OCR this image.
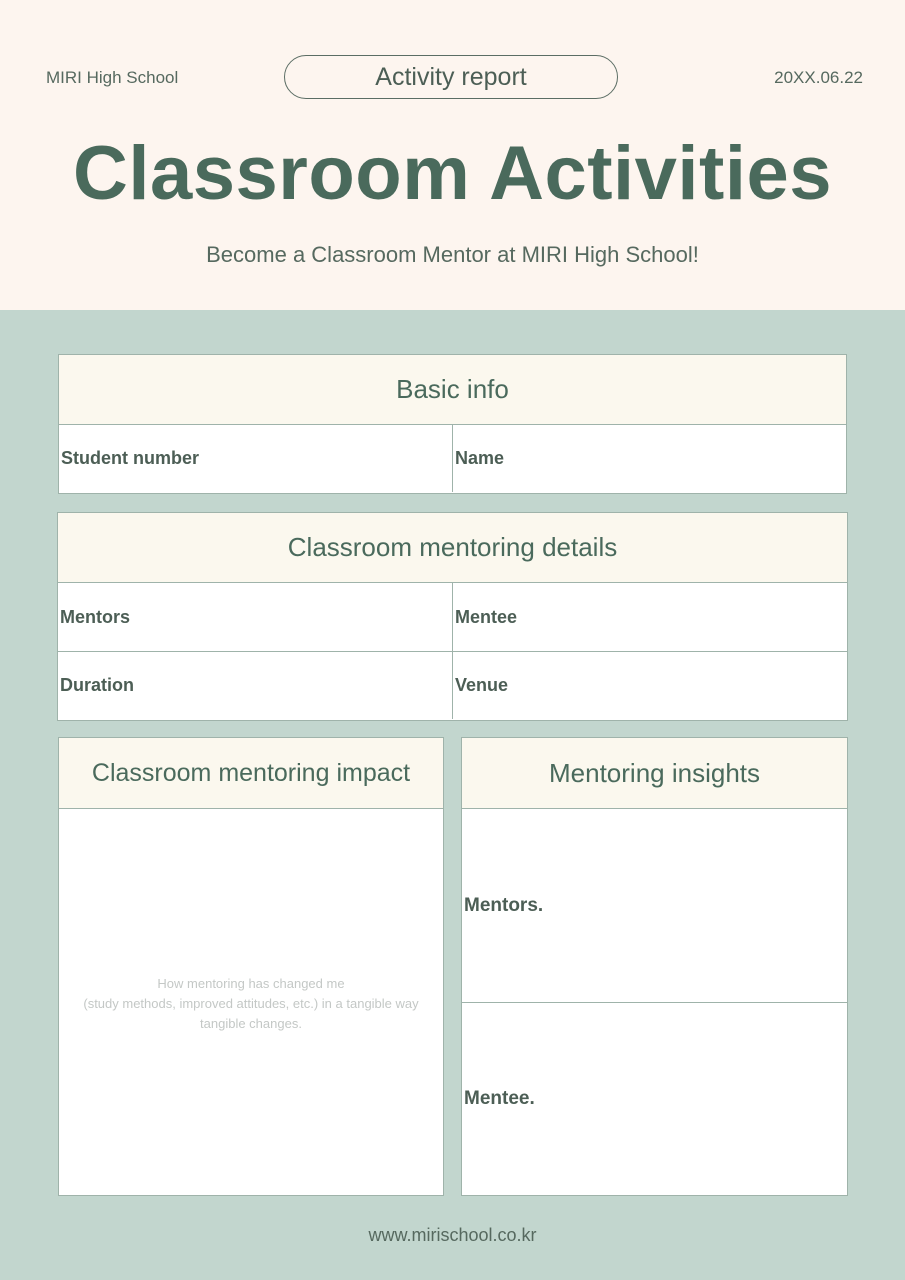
MIRI High School	Activity report	20XX.06.22
Classroom Activities
Become a Classroom Mentor at MIRI High School!
Basic info
Student number	Name
Classroom mentoring details
Mentors	Mentee
Duration	Venue
Classroom mentoring impact
How mentoring has changed me
(study methods, improved attitudes, etc.) in a tangible way
tangible changes.
Mentoring insights
Mentors.
Mentee.
www.mirischool.co.kr
